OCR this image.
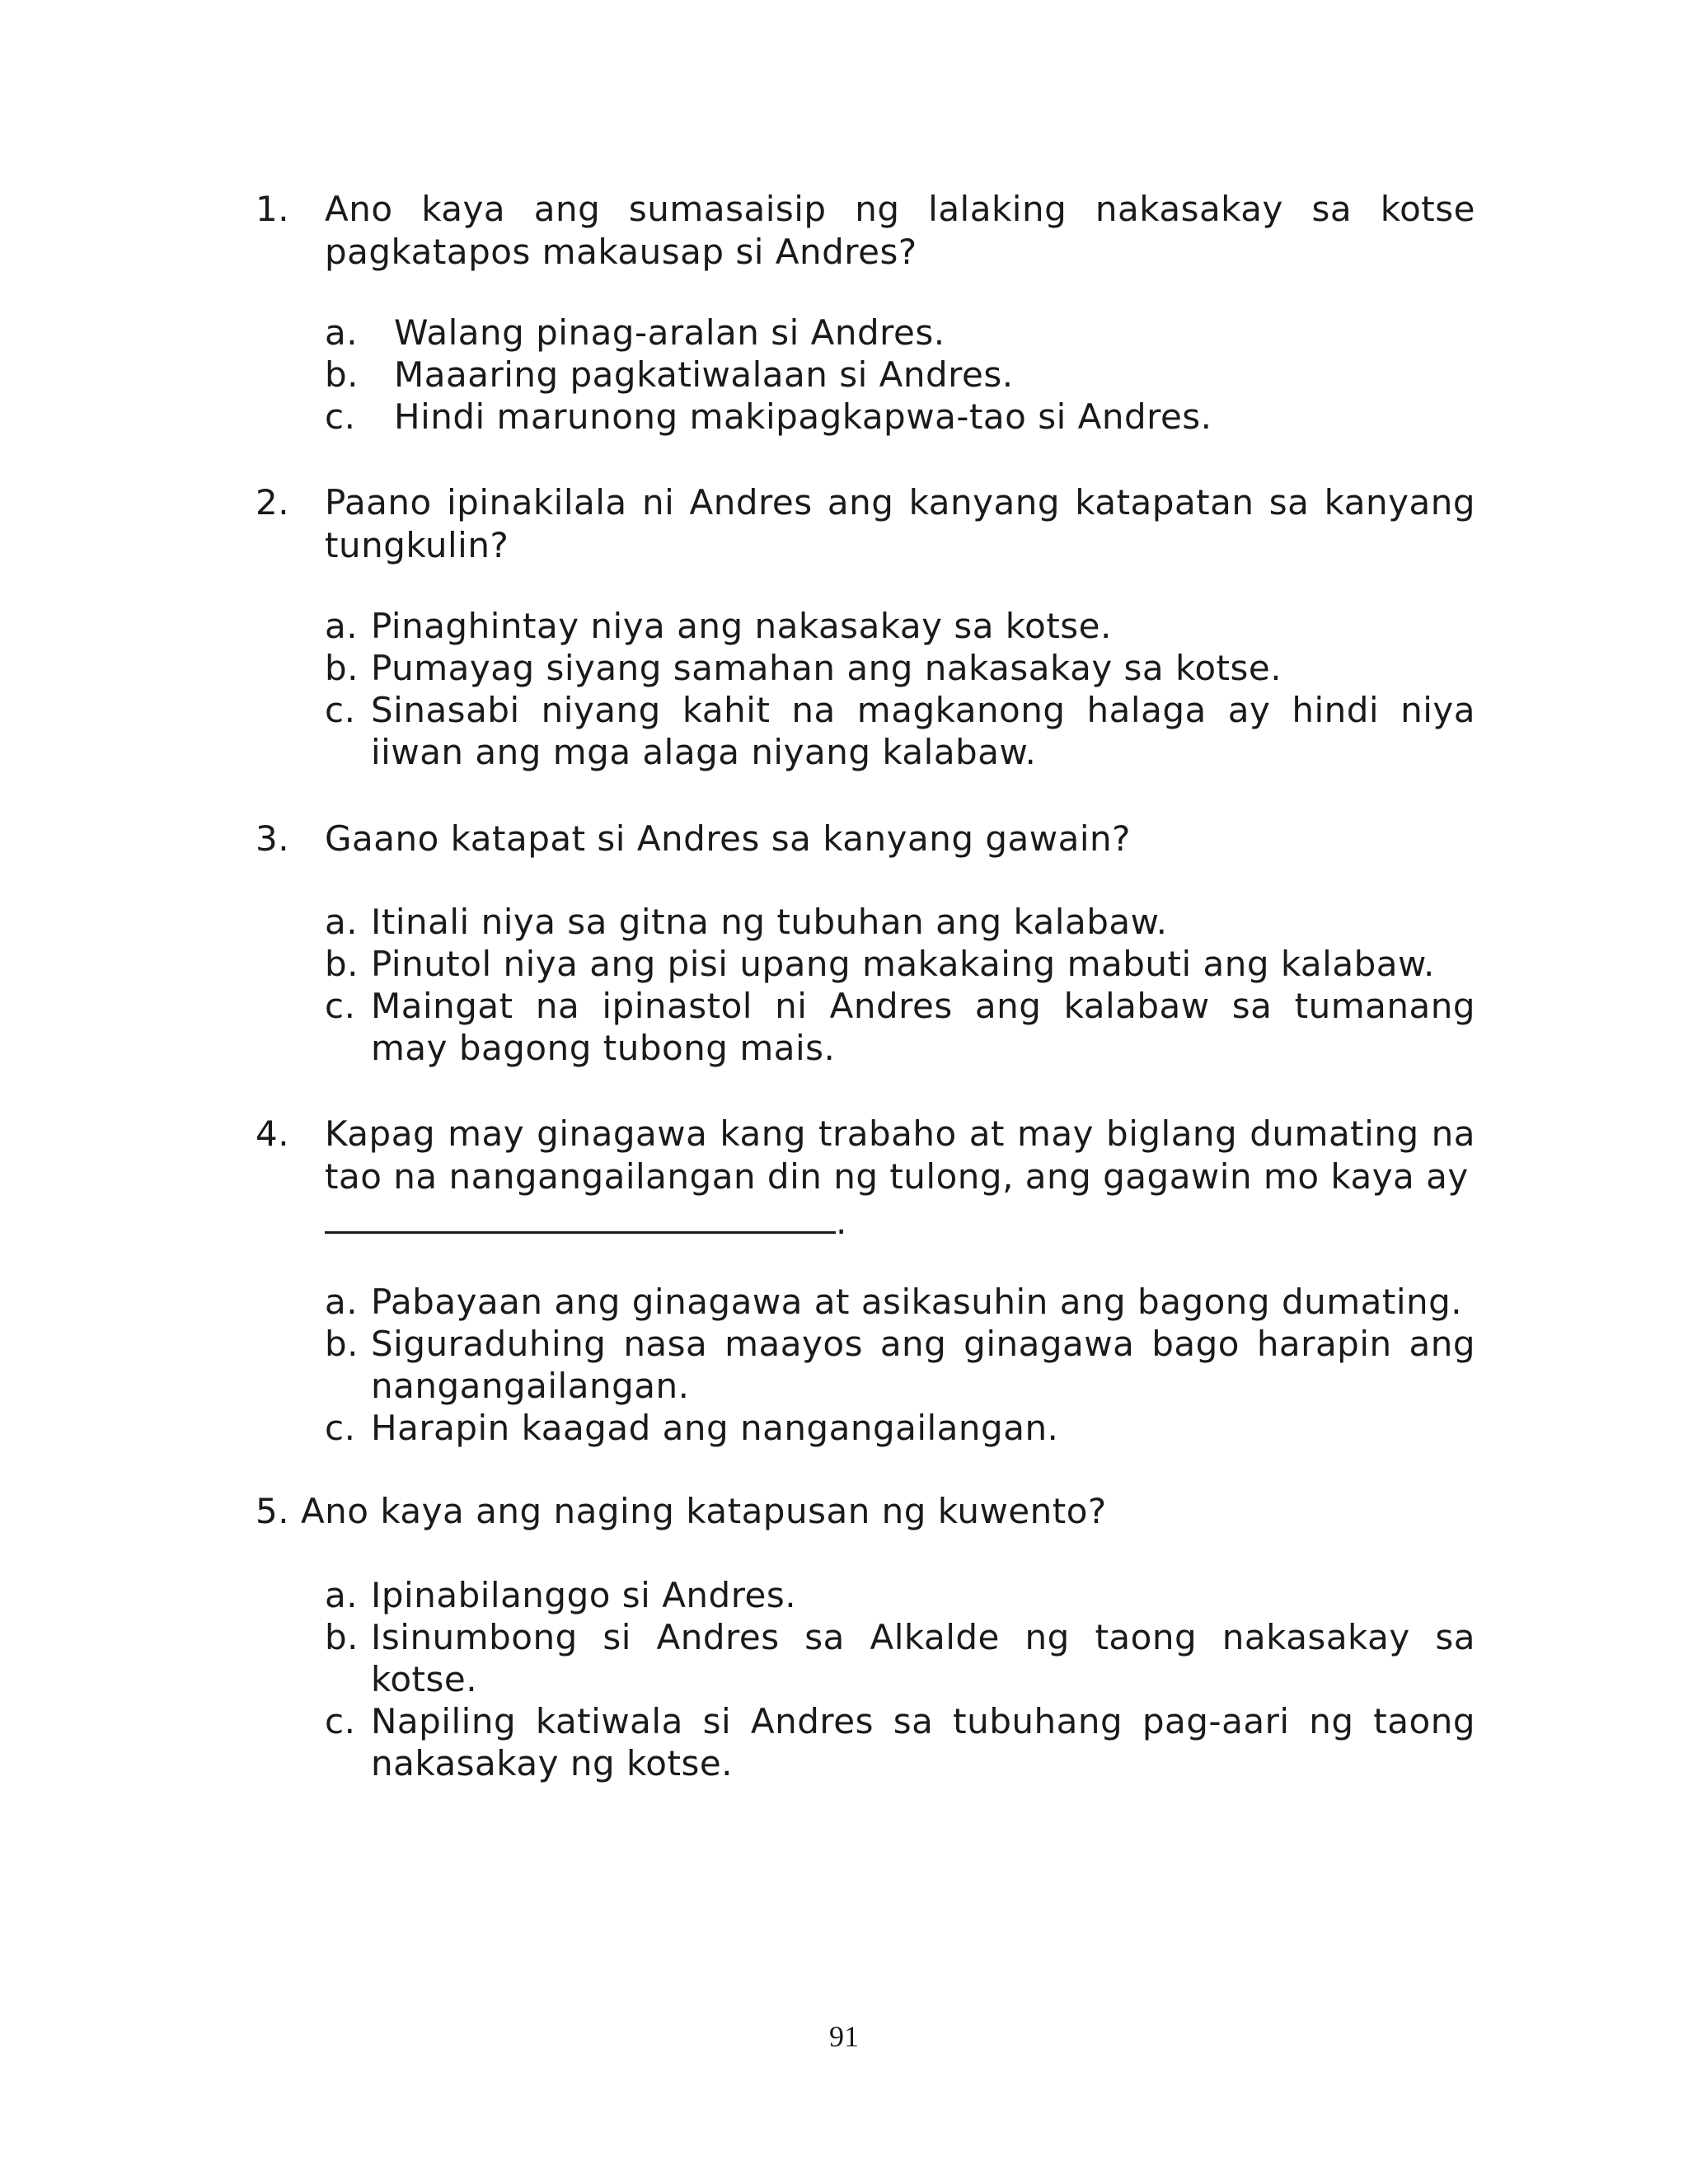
1.	Ano kaya ang sumasaisip ng lalaking nakasakay sa kotse pagkatapos makausap si Andres?
a. Walang pinag-aralan si Andres.
b. Maaaring pagkatiwalaan si Andres.
c. Hindi marunong makipagkapwa-tao si Andres.
2.	Paano ipinakilala ni Andres ang kanyang katapatan sa kanyang tungkulin?
a. Pinaghintay niya ang nakasakay sa kotse.
b. Pumayag siyang samahan ang nakasakay sa kotse.
c. Sinasabi niyang kahit na magkanong halaga ay hindi niya iiwan ang mga alaga niyang kalabaw.
3.	Gaano katapat si Andres sa kanyang gawain?
a. Itinali niya sa gitna ng tubuhan ang kalabaw.
b. Pinutol niya ang pisi upang makakaing mabuti ang kalabaw.
c. Maingat na ipinastol ni Andres ang kalabaw sa tumanang may bagong tubong mais.
4.	Kapag may ginagawa kang trabaho at may biglang dumating na tao na nangangailangan din ng tulong, ang gagawin mo kaya ay
.
a. Pabayaan ang ginagawa at asikasuhin ang bagong dumating.
b. Siguraduhing nasa maayos ang ginagawa bago harapin ang nangangailangan.
c. Harapin kaagad ang nangangailangan.
5. Ano kaya ang naging katapusan ng kuwento?
a. Ipinabilanggo si Andres.
b. Isinumbong si Andres sa Alkalde ng taong nakasakay sa kotse.
c. Napiling katiwala si Andres sa tubuhang pag-aari ng taong nakasakay ng kotse.
91
